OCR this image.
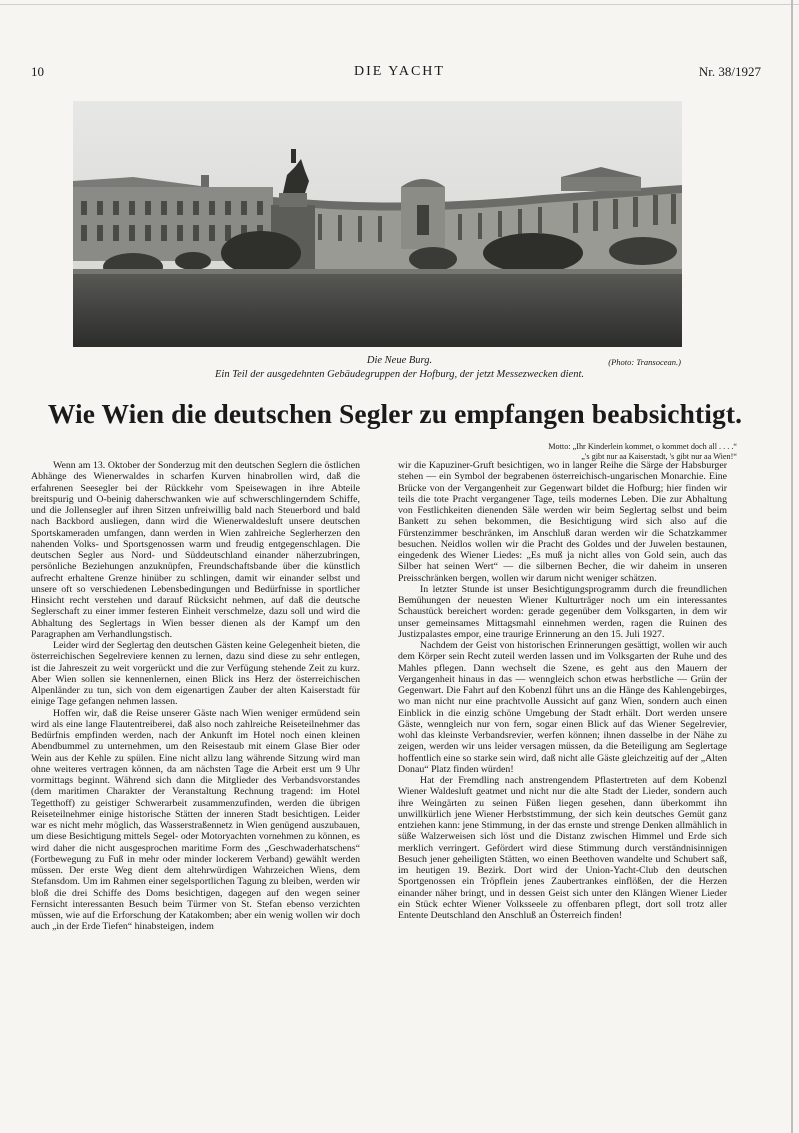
10	DIE YACHT	Nr. 38/1927
Die Neue Burg.	(Photo: Transocean.)
Ein Teil der ausgedehnten Gebäudegruppen der Hofburg, der jetzt Messezwecken dient.
Wie Wien die deutschen Segler zu empfangen beabsichtigt.
Motto: „Ihr Kinderlein kommet, o kommet doch all . . . .“
„'s gibt nur aa Kaiserstadt, 's gibt nur aa Wien!“

Wenn am 13. Oktober der Sonderzug mit den deutschen Seglern die östlichen Abhänge des Wienerwaldes in scharfen Kurven hinabrollen wird, daß die erfahrenen Seesegler bei der Rückkehr vom Speisewagen in ihre Abteile breitspurig und O-beinig daherschwanken wie auf schwerschlingerndem Schiffe, und die Jollensegler auf ihren Sitzen unfreiwillig bald nach Steuerbord und bald nach Backbord ausliegen, dann wird die Wienerwaldesluft unsere deutschen Sportskameraden umfangen, dann werden in Wien zahlreiche Seglerherzen den nahenden Volks- und Sportsgenossen warm und freudig entgegenschlagen. Die deutschen Segler aus Nord- und Süddeutschland einander näherzubringen, persönliche Beziehungen anzuknüpfen, Freundschaftsbande über die künstlich aufrecht erhaltene Grenze hinüber zu schlingen, damit wir einander selbst und unsere oft so verschiedenen Lebensbedingungen und Bedürfnisse in sportlicher Hinsicht recht verstehen und darauf Rücksicht nehmen, auf daß die deutsche Seglerschaft zu einer immer festeren Einheit verschmelze, dazu soll und wird die Abhaltung des Seglertags in Wien besser dienen als der Kampf um den Paragraphen am Verhandlungstisch.

Leider wird der Seglertag den deutschen Gästen keine Gelegenheit bieten, die österreichischen Segelreviere kennen zu lernen, dazu sind diese zu sehr entlegen, ist die Jahreszeit zu weit vorgerückt und die zur Verfügung stehende Zeit zu kurz. Aber Wien sollen sie kennenlernen, einen Blick ins Herz der österreichischen Alpenländer zu tun, sich von dem eigenartigen Zauber der alten Kaiserstadt für einige Tage gefangen nehmen lassen.

Hoffen wir, daß die Reise unserer Gäste nach Wien weniger ermüdend sein wird als eine lange Flautentreiberei, daß also noch zahlreiche Reiseteilnehmer das Bedürfnis empfinden werden, nach der Ankunft im Hotel noch einen kleinen Abendbummel zu unternehmen, um den Reisestaub mit einem Glase Bier oder Wein aus der Kehle zu spülen. Eine nicht allzu lang währende Sitzung wird man ohne weiteres vertragen können, da am nächsten Tage die Arbeit erst um 9 Uhr vormittags beginnt. Während sich dann die Mitglieder des Verbandsvorstandes (dem maritimen Charakter der Veranstaltung Rechnung tragend: im Hotel Tegetthoff) zu geistiger Schwerarbeit zusammenzufinden, werden die übrigen Reiseteilnehmer einige historische Stätten der inneren Stadt besichtigen. Leider war es nicht mehr möglich, das Wasserstraßennetz in Wien genügend auszubauen, um diese Besichtigung mittels Segel- oder Motoryachten vornehmen zu können, es wird daher die nicht ausgesprochen maritime Form des „Geschwaderhatschens“ (Fortbewegung zu Fuß in mehr oder minder lockerem Verband) gewählt werden müssen. Der erste Weg dient dem altehrwürdigen Wahrzeichen Wiens, dem Stefansdom. Um im Rahmen einer segelsportlichen Tagung zu bleiben, werden wir bloß die drei Schiffe des Doms besichtigen, dagegen auf den wegen seiner Fernsicht interessanten Besuch beim Türmer von St. Stefan ebenso verzichten müssen, wie auf die Erforschung der Katakomben; aber ein wenig wollen wir doch auch „in der Erde Tiefen“ hinabsteigen, indem

wir die Kapuziner-Gruft besichtigen, wo in langer Reihe die Särge der Habsburger stehen — ein Symbol der begrabenen österreichisch-ungarischen Monarchie. Eine Brücke von der Vergangenheit zur Gegenwart bildet die Hofburg; hier finden wir teils die tote Pracht vergangener Tage, teils modernes Leben. Die zur Abhaltung von Festlichkeiten dienenden Säle werden wir beim Seglertag selbst und beim Bankett zu sehen bekommen, die Besichtigung wird sich also auf die Fürstenzimmer beschränken, im Anschluß daran werden wir die Schatzkammer besuchen. Neidlos wollen wir die Pracht des Goldes und der Juwelen bestaunen, eingedenk des Wiener Liedes: „Es muß ja nicht alles von Gold sein, auch das Silber hat seinen Wert“ — die silbernen Becher, die wir daheim in unseren Preisschränken bergen, wollen wir darum nicht weniger schätzen.

In letzter Stunde ist unser Besichtigungsprogramm durch die freundlichen Bemühungen der neuesten Wiener Kulturträger noch um ein interessantes Schaustück bereichert worden: gerade gegenüber dem Volksgarten, in dem wir unser gemeinsames Mittagsmahl einnehmen werden, ragen die Ruinen des Justizpalastes empor, eine traurige Erinnerung an den 15. Juli 1927.

Nachdem der Geist von historischen Erinnerungen gesättigt, wollen wir auch dem Körper sein Recht zuteil werden lassen und im Volksgarten der Ruhe und des Mahles pflegen. Dann wechselt die Szene, es geht aus den Mauern der Vergangenheit hinaus in das — wenngleich schon etwas herbstliche — Grün der Gegenwart. Die Fahrt auf den Kobenzl führt uns an die Hänge des Kahlengebirges, wo man nicht nur eine prachtvolle Aussicht auf ganz Wien, sondern auch einen Einblick in die einzig schöne Umgebung der Stadt erhält. Dort werden unsere Gäste, wenngleich nur von fern, sogar einen Blick auf das Wiener Segelrevier, wohl das kleinste Verbandsrevier, werfen können; ihnen dasselbe in der Nähe zu zeigen, werden wir uns leider versagen müssen, da die Beteiligung am Seglertage hoffentlich eine so starke sein wird, daß nicht alle Gäste gleichzeitig auf der „Alten Donau“ Platz finden würden!

Hat der Fremdling nach anstrengendem Pflastertreten auf dem Kobenzl Wiener Waldesluft geatmet und nicht nur die alte Stadt der Lieder, sondern auch ihre Weingärten zu seinen Füßen liegen gesehen, dann überkommt ihn unwillkürlich jene Wiener Herbststimmung, der sich kein deutsches Gemüt ganz entziehen kann: jene Stimmung, in der das ernste und strenge Denken allmählich in süße Walzerweisen sich löst und die Distanz zwischen Himmel und Erde sich merklich verringert. Gefördert wird diese Stimmung durch verständnisinnigen Besuch jener geheiligten Stätten, wo einen Beethoven wandelte und Schubert saß, im heutigen 19. Bezirk. Dort wird der Union-Yacht-Club den deutschen Sportgenossen ein Tröpflein jenes Zaubertrankes einflößen, der die Herzen einander näher bringt, und in dessen Geist sich unter den Klängen Wiener Lieder ein Stück echter Wiener Volksseele zu offenbaren pflegt, dort soll trotz aller Entente Deutschland den Anschluß an Österreich finden!
